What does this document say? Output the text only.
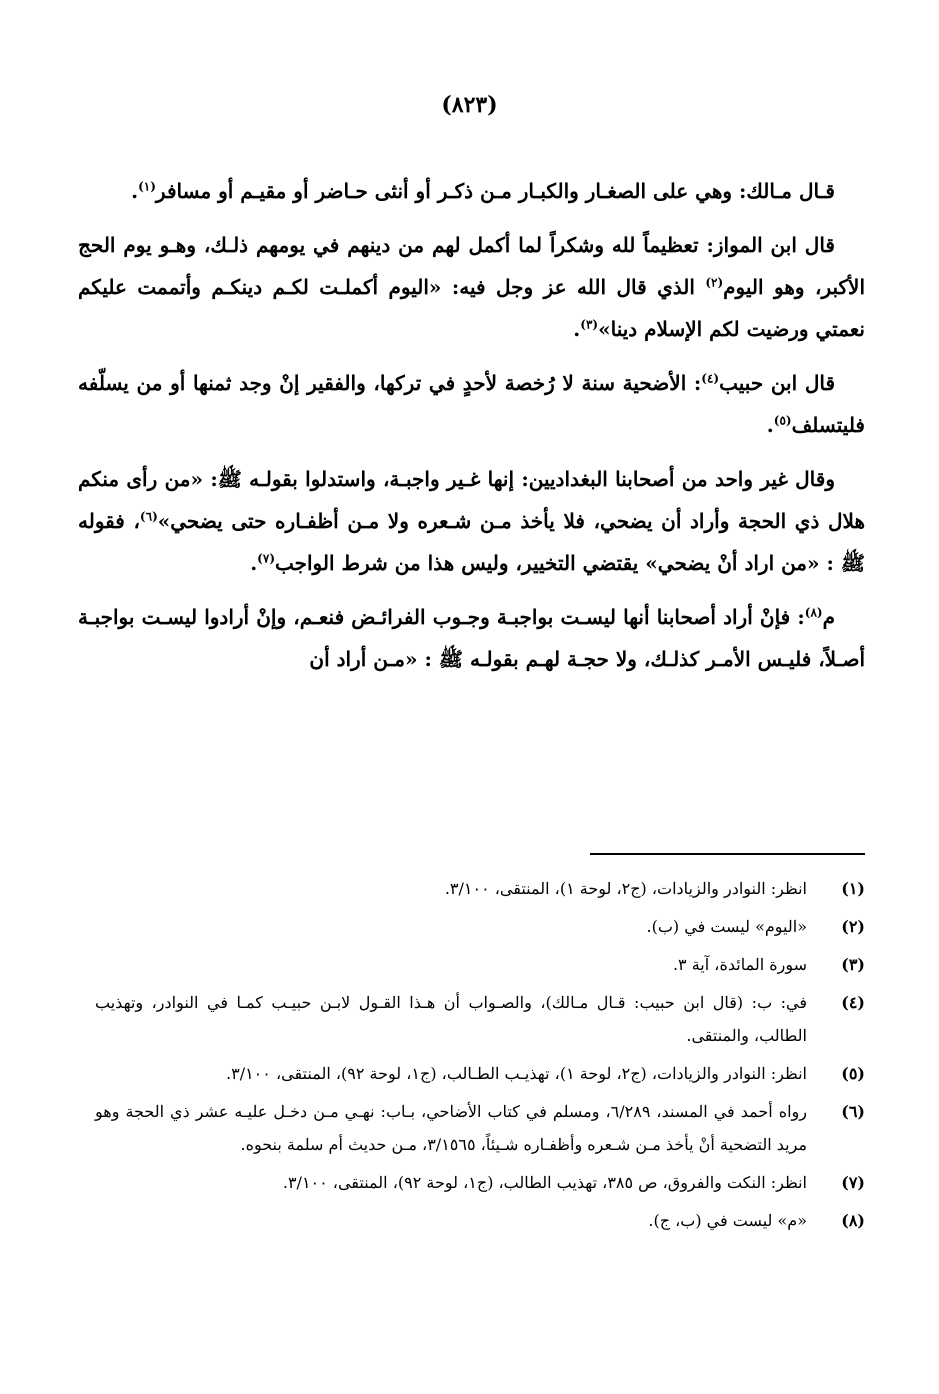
(٨٢٣)

قـال مـالك: وهي على الصغـار والكبـار مـن ذكـر أو أنثى حـاضر أو مقيـم أو مسافر$^{(١)}$.

قال ابن المواز: تعظيماً لله وشكراً لما أكمل لهم من دينهم في يومهم ذلـك، وهـو يوم الحج الأكبر، وهو اليوم$^{(٢)}$ الذي قال الله عز وجل فيه: «اليوم أكملـت لكـم دينكـم وأتممت عليكم نعمتي ورضيت لكم الإسلام دينا»$^{(٣)}$.

قال ابن حبيب$^{(٤)}$: الأضحية سنة لا رُخصة لأحدٍ في تركها، والفقير إنْ وجد ثمنها أو من يسلّفه فليتسلف$^{(٥)}$.

وقال غير واحد من أصحابنا البغداديين: إنها غـير واجبـة، واستدلوا بقولـه ﷺ: «من رأى منكم هلال ذي الحجة وأراد أن يضحي، فلا يأخذ مـن شـعره ولا مـن أظفـاره حتى يضحي»$^{(٦)}$، فقوله ﷺ : «من اراد أنْ يضحي» يقتضي التخيير، وليس هذا من شرط الواجب$^{(٧)}$.

م$^{(٨)}$: فإنْ أراد أصحابنا أنها ليسـت بواجبـة وجـوب الفرائـض فنعـم، وإنْ أرادوا ليسـت بواجبـة أصـلاً، فليـس الأمـر كذلـك، ولا حجـة لهـم بقولـه ﷺ : «مـن أراد أن

(١)
انظر: النوادر والزيادات، (ج٢، لوحة ١)، المنتقى، ٣/١٠٠.
(٢)
«اليوم» ليست في (ب).
(٣)
سورة المائدة، آية ٣.
(٤)
في: ب: (قال ابن حبيب: قـال مـالك)، والصـواب أن هـذا القـول لابـن حبيـب كمـا في النوادر، وتهذيب الطالب، والمنتقى.
(٥)
انظر: النوادر والزيادات، (ج٢، لوحة ١)، تهذيـب الطـالب، (ج١، لوحة ٩٢)، المنتقى، ٣/١٠٠.
(٦)
رواه أحمد في المسند، ٦/٢٨٩، ومسلم في كتاب الأضاحي، بـاب: نهـي مـن دخـل عليـه عشر ذي الحجة وهو مريد التضحية أنْ يأخذ مـن شـعره وأظفـاره شـيئاً، ٣/١٥٦٥، مـن حديث أم سلمة بنحوه.
(٧)
انظر: النكت والفروق، ص ٣٨٥، تهذيب الطالب، (ج١، لوحة ٩٢)، المنتقى، ٣/١٠٠.
(٨)
«م» ليست في (ب، ج).
